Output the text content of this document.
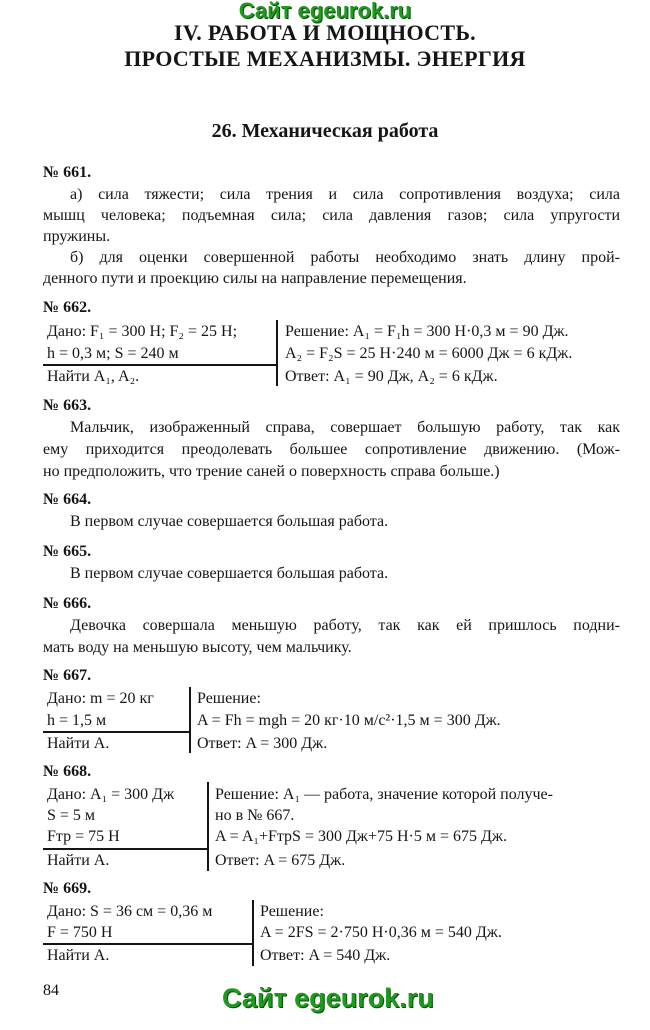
Сайт egeurok.ru
IV. РАБОТА И МОЩНОСТЬ.
ПРОСТЫЕ МЕХАНИЗМЫ. ЭНЕРГИЯ
26. Механическая работа
№ 661.
а) сила тяжести; сила трения и сила сопротивления воздуха; сила
мышц человека; подъемная сила; сила давления газов; сила упругости
пружины.
б) для оценки совершенной работы необходимо знать длину прой-
денного пути и проекцию силы на направление перемещения.
№ 662.
Дано: F₁ = 300 Н; F₂ = 25 Н;
h = 0,3 м; S = 240 м
Найти A₁, A₂.
Решение: A₁ = F₁h = 300 Н·0,3 м = 90 Дж.
A₂ = F₂S = 25 Н·240 м = 6000 Дж = 6 кДж.
Ответ: A₁ = 90 Дж, A₂ = 6 кДж.
№ 663.
Мальчик, изображенный справа, совершает большую работу, так как
ему приходится преодолевать большее сопротивление движению. (Мож-
но предположить, что трение саней о поверхность справа больше.)
№ 664.
В первом случае совершается большая работа.
№ 665.
В первом случае совершается большая работа.
№ 666.
Девочка совершала меньшую работу, так как ей пришлось подни-
мать воду на меньшую высоту, чем мальчику.
№ 667.
Дано: m = 20 кг
h = 1,5 м
Найти A.
Решение:
A = Fh = mgh = 20 кг·10 м/с²·1,5 м = 300 Дж.
Ответ: A = 300 Дж.
№ 668.
Дано: A₁ = 300 Дж
S = 5 м
Fтр = 75 Н
Найти A.
Решение: A₁ — работа, значение которой получе-
но в № 667.
A = A₁+FтрS = 300 Дж+75 Н·5 м = 675 Дж.
Ответ: A = 675 Дж.
№ 669.
Дано: S = 36 см = 0,36 м
F = 750 Н
Найти A.
Решение:
A = 2FS = 2·750 Н·0,36 м = 540 Дж.
Ответ: A = 540 Дж.
84	Сайт egeurok.ru
